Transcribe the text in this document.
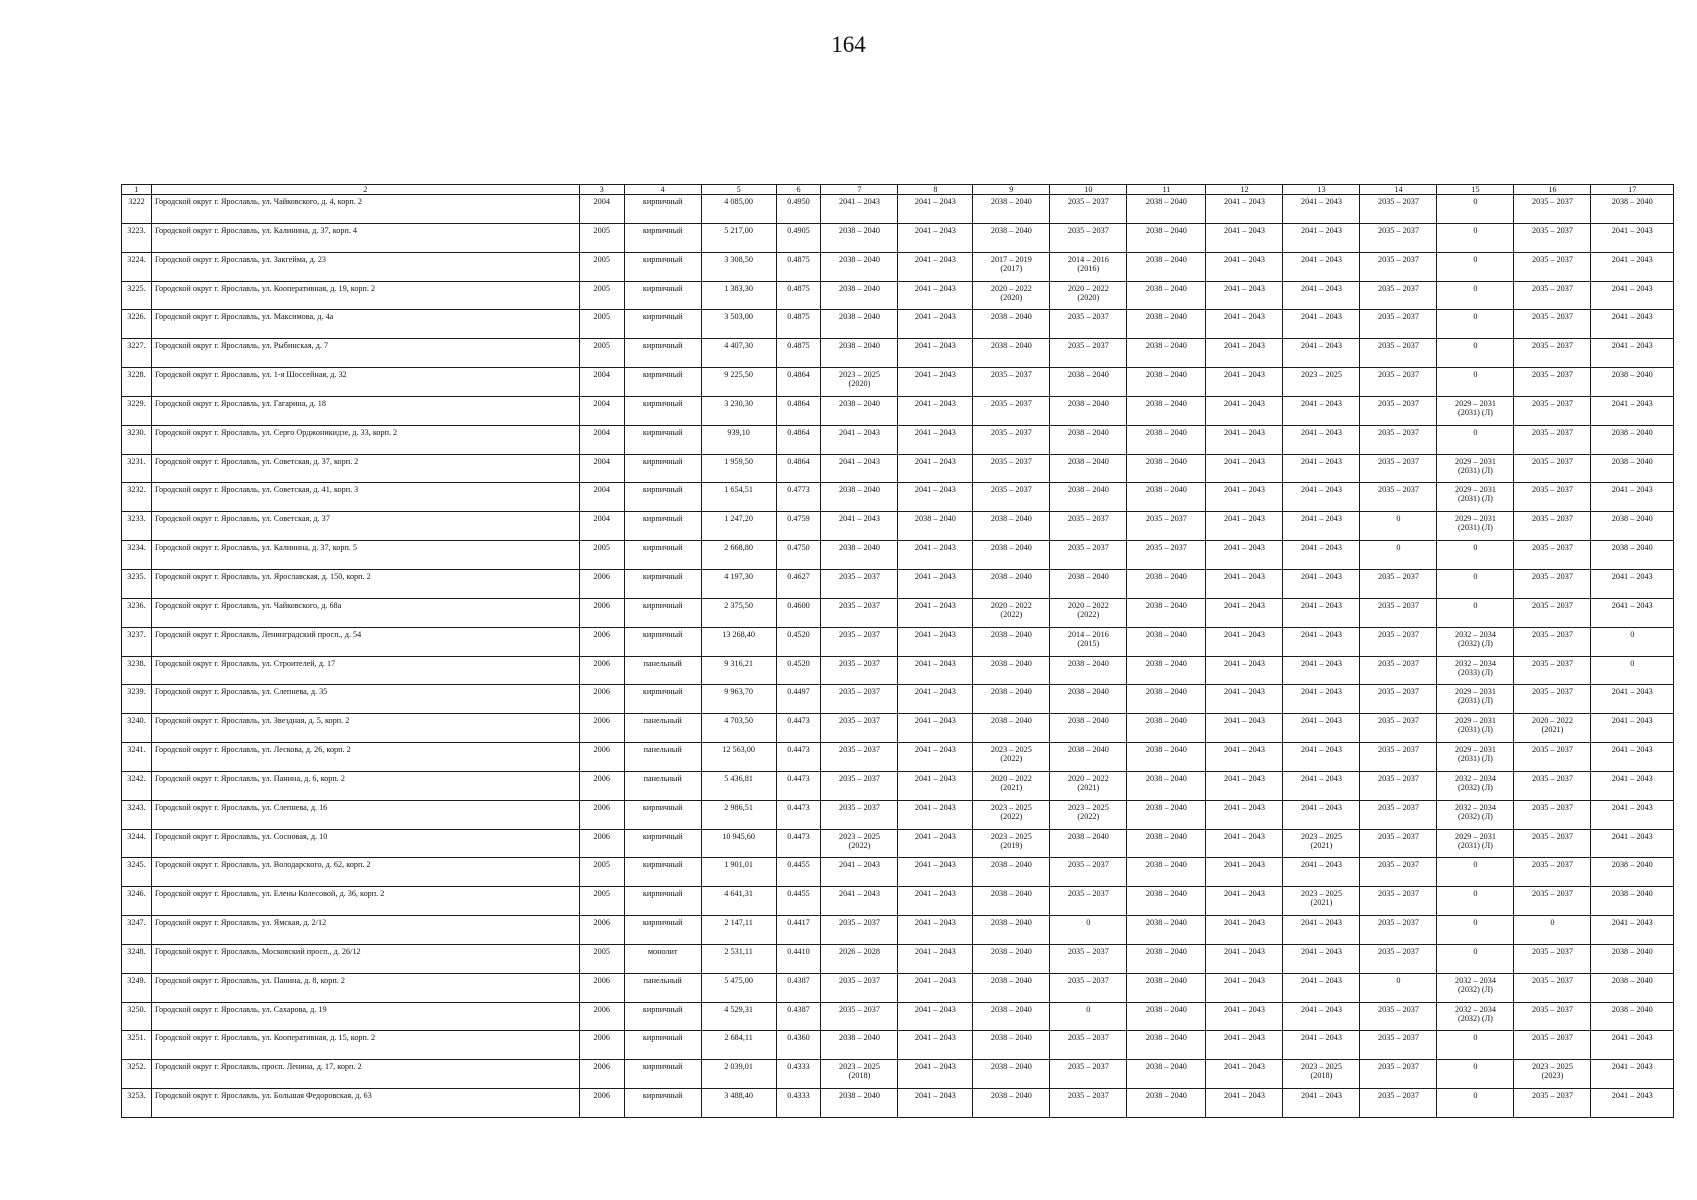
164
1	2	3	4	5	6	7	8	9	10	11	12	13	14	15	16	17
3222	Городской округ г. Ярославль, ул. Чайковского, д. 4, корп. 2	2004	кирпичный	4 085,00	0.4950	2041 – 2043	2041 – 2043	2038 – 2040	2035 – 2037	2038 – 2040	2041 – 2043	2041 – 2043	2035 – 2037	0	2035 – 2037	2038 – 2040
3223.	Городской округ г. Ярославль, ул. Калинина, д. 37, корп. 4	2005	кирпичный	5 217,00	0.4905	2038 – 2040	2041 – 2043	2038 – 2040	2035 – 2037	2038 – 2040	2041 – 2043	2041 – 2043	2035 – 2037	0	2035 – 2037	2041 – 2043
3224.	Городской округ г. Ярославль, ул. Закгейма, д. 23	2005	кирпичный	3 308,50	0.4875	2038 – 2040	2041 – 2043	2017 – 2019
(2017)	2014 – 2016
(2016)	2038 – 2040	2041 – 2043	2041 – 2043	2035 – 2037	0	2035 – 2037	2041 – 2043
3225.	Городской округ г. Ярославль, ул. Кооперативная, д. 19, корп. 2	2005	кирпичный	1 383,30	0.4875	2038 – 2040	2041 – 2043	2020 – 2022
(2020)	2020 – 2022
(2020)	2038 – 2040	2041 – 2043	2041 – 2043	2035 – 2037	0	2035 – 2037	2041 – 2043
3226.	Городской округ г. Ярославль, ул. Максимова, д. 4а	2005	кирпичный	3 503,00	0.4875	2038 – 2040	2041 – 2043	2038 – 2040	2035 – 2037	2038 – 2040	2041 – 2043	2041 – 2043	2035 – 2037	0	2035 – 2037	2041 – 2043
3227.	Городской округ г. Ярославль, ул. Рыбинская, д. 7	2005	кирпичный	4 407,30	0.4875	2038 – 2040	2041 – 2043	2038 – 2040	2035 – 2037	2038 – 2040	2041 – 2043	2041 – 2043	2035 – 2037	0	2035 – 2037	2041 – 2043
3228.	Городской округ г. Ярославль, ул. 1-я Шоссейная, д. 32	2004	кирпичный	9 225,50	0.4864	2023 – 2025
(2020)	2041 – 2043	2035 – 2037	2038 – 2040	2038 – 2040	2041 – 2043	2023 – 2025	2035 – 2037	0	2035 – 2037	2038 – 2040
3229.	Городской округ г. Ярославль, ул. Гагарина, д. 18	2004	кирпичный	3 230,30	0.4864	2038 – 2040	2041 – 2043	2035 – 2037	2038 – 2040	2038 – 2040	2041 – 2043	2041 – 2043	2035 – 2037	2029 – 2031
(2031) (Л)	2035 – 2037	2041 – 2043
3230.	Городской округ г. Ярославль, ул. Серго Орджоникидзе, д. 33, корп. 2	2004	кирпичный	939,10	0.4864	2041 – 2043	2041 – 2043	2035 – 2037	2038 – 2040	2038 – 2040	2041 – 2043	2041 – 2043	2035 – 2037	0	2035 – 2037	2038 – 2040
3231.	Городской округ г. Ярославль, ул. Советская, д. 37, корп. 2	2004	кирпичный	1 959,50	0.4864	2041 – 2043	2041 – 2043	2035 – 2037	2038 – 2040	2038 – 2040	2041 – 2043	2041 – 2043	2035 – 2037	2029 – 2031
(2031) (Л)	2035 – 2037	2038 – 2040
3232.	Городской округ г. Ярославль, ул. Советская, д. 41, корп. 3	2004	кирпичный	1 654,51	0.4773	2038 – 2040	2041 – 2043	2035 – 2037	2038 – 2040	2038 – 2040	2041 – 2043	2041 – 2043	2035 – 2037	2029 – 2031
(2031) (Л)	2035 – 2037	2041 – 2043
3233.	Городской округ г. Ярославль, ул. Советская, д. 37	2004	кирпичный	1 247,20	0.4759	2041 – 2043	2038 – 2040	2038 – 2040	2035 – 2037	2035 – 2037	2041 – 2043	2041 – 2043	0	2029 – 2031
(2031) (Л)	2035 – 2037	2038 – 2040
3234.	Городской округ г. Ярославль, ул. Калинина, д. 37, корп. 5	2005	кирпичный	2 668,80	0.4750	2038 – 2040	2041 – 2043	2038 – 2040	2035 – 2037	2035 – 2037	2041 – 2043	2041 – 2043	0	0	2035 – 2037	2038 – 2040
3235.	Городской округ г. Ярославль, ул. Ярославская, д. 150, корп. 2	2006	кирпичный	4 197,30	0.4627	2035 – 2037	2041 – 2043	2038 – 2040	2038 – 2040	2038 – 2040	2041 – 2043	2041 – 2043	2035 – 2037	0	2035 – 2037	2041 – 2043
3236.	Городской округ г. Ярославль, ул. Чайковского, д. 68а	2006	кирпичный	2 375,50	0.4600	2035 – 2037	2041 – 2043	2020 – 2022
(2022)	2020 – 2022
(2022)	2038 – 2040	2041 – 2043	2041 – 2043	2035 – 2037	0	2035 – 2037	2041 – 2043
3237.	Городской округ г. Ярославль, Ленинградский просп., д. 54	2006	кирпичный	13 268,40	0.4520	2035 – 2037	2041 – 2043	2038 – 2040	2014 – 2016
(2015)	2038 – 2040	2041 – 2043	2041 – 2043	2035 – 2037	2032 – 2034
(2032) (Л)	2035 – 2037	0
3238.	Городской округ г. Ярославль, ул. Строителей, д. 17	2006	панельный	9 316,21	0.4520	2035 – 2037	2041 – 2043	2038 – 2040	2038 – 2040	2038 – 2040	2041 – 2043	2041 – 2043	2035 – 2037	2032 – 2034
(2033) (Л)	2035 – 2037	0
3239.	Городской округ г. Ярославль, ул. Слепнева, д. 35	2006	кирпичный	9 963,70	0.4497	2035 – 2037	2041 – 2043	2038 – 2040	2038 – 2040	2038 – 2040	2041 – 2043	2041 – 2043	2035 – 2037	2029 – 2031
(2031) (Л)	2035 – 2037	2041 – 2043
3240.	Городской округ г. Ярославль, ул. Звездная, д. 5, корп. 2	2006	панельный	4 703,50	0.4473	2035 – 2037	2041 – 2043	2038 – 2040	2038 – 2040	2038 – 2040	2041 – 2043	2041 – 2043	2035 – 2037	2029 – 2031
(2031) (Л)	2020 – 2022
(2021)	2041 – 2043
3241.	Городской округ г. Ярославль, ул. Лескова, д. 26, корп. 2	2006	панельный	12 563,00	0.4473	2035 – 2037	2041 – 2043	2023 – 2025
(2022)	2038 – 2040	2038 – 2040	2041 – 2043	2041 – 2043	2035 – 2037	2029 – 2031
(2031) (Л)	2035 – 2037	2041 – 2043
3242.	Городской округ г. Ярославль, ул. Панина, д. 6, корп. 2	2006	панельный	5 436,81	0.4473	2035 – 2037	2041 – 2043	2020 – 2022
(2021)	2020 – 2022
(2021)	2038 – 2040	2041 – 2043	2041 – 2043	2035 – 2037	2032 – 2034
(2032) (Л)	2035 – 2037	2041 – 2043
3243.	Городской округ г. Ярославль, ул. Слепнева, д. 16	2006	кирпичный	2 986,51	0.4473	2035 – 2037	2041 – 2043	2023 – 2025
(2022)	2023 – 2025
(2022)	2038 – 2040	2041 – 2043	2041 – 2043	2035 – 2037	2032 – 2034
(2032) (Л)	2035 – 2037	2041 – 2043
3244.	Городской округ г. Ярославль, ул. Сосновая, д. 10	2006	кирпичный	10 945,60	0.4473	2023 – 2025
(2022)	2041 – 2043	2023 – 2025
(2019)	2038 – 2040	2038 – 2040	2041 – 2043	2023 – 2025
(2021)	2035 – 2037	2029 – 2031
(2031) (Л)	2035 – 2037	2041 – 2043
3245.	Городской округ г. Ярославль, ул. Володарского, д. 62, корп. 2	2005	кирпичный	1 901,01	0.4455	2041 – 2043	2041 – 2043	2038 – 2040	2035 – 2037	2038 – 2040	2041 – 2043	2041 – 2043	2035 – 2037	0	2035 – 2037	2038 – 2040
3246.	Городской округ г. Ярославль, ул. Елены Колесовой, д. 36, корп. 2	2005	кирпичный	4 641,31	0.4455	2041 – 2043	2041 – 2043	2038 – 2040	2035 – 2037	2038 – 2040	2041 – 2043	2023 – 2025
(2021)	2035 – 2037	0	2035 – 2037	2038 – 2040
3247.	Городской округ г. Ярославль, ул. Ямская, д. 2/12	2006	кирпичный	2 147,11	0.4417	2035 – 2037	2041 – 2043	2038 – 2040	0	2038 – 2040	2041 – 2043	2041 – 2043	2035 – 2037	0	0	2041 – 2043
3248.	Городской округ г. Ярославль, Московский просп., д. 26/12	2005	монолит	2 531,11	0.4410	2026 – 2028	2041 – 2043	2038 – 2040	2035 – 2037	2038 – 2040	2041 – 2043	2041 – 2043	2035 – 2037	0	2035 – 2037	2038 – 2040
3249.	Городской округ г. Ярославль, ул. Панина, д. 8, корп. 2	2006	панельный	5 475,00	0.4387	2035 – 2037	2041 – 2043	2038 – 2040	2035 – 2037	2038 – 2040	2041 – 2043	2041 – 2043	0	2032 – 2034
(2032) (Л)	2035 – 2037	2038 – 2040
3250.	Городской округ г. Ярославль, ул. Сахарова, д. 19	2006	кирпичный	4 529,31	0.4387	2035 – 2037	2041 – 2043	2038 – 2040	0	2038 – 2040	2041 – 2043	2041 – 2043	2035 – 2037	2032 – 2034
(2032) (Л)	2035 – 2037	2038 – 2040
3251.	Городской округ г. Ярославль, ул. Кооперативная, д. 15, корп. 2	2006	кирпичный	2 684,11	0.4360	2038 – 2040	2041 – 2043	2038 – 2040	2035 – 2037	2038 – 2040	2041 – 2043	2041 – 2043	2035 – 2037	0	2035 – 2037	2041 – 2043
3252.	Городской округ г. Ярославль, просп. Ленина, д. 17, корп. 2	2006	кирпичный	2 039,01	0.4333	2023 – 2025
(2018)	2041 – 2043	2038 – 2040	2035 – 2037	2038 – 2040	2041 – 2043	2023 – 2025
(2018)	2035 – 2037	0	2023 – 2025
(2023)	2041 – 2043
3253.	Городской округ г. Ярославль, ул. Большая Федоровская, д. 63	2006	кирпичный	3 488,40	0.4333	2038 – 2040	2041 – 2043	2038 – 2040	2035 – 2037	2038 – 2040	2041 – 2043	2041 – 2043	2035 – 2037	0	2035 – 2037	2041 – 2043
